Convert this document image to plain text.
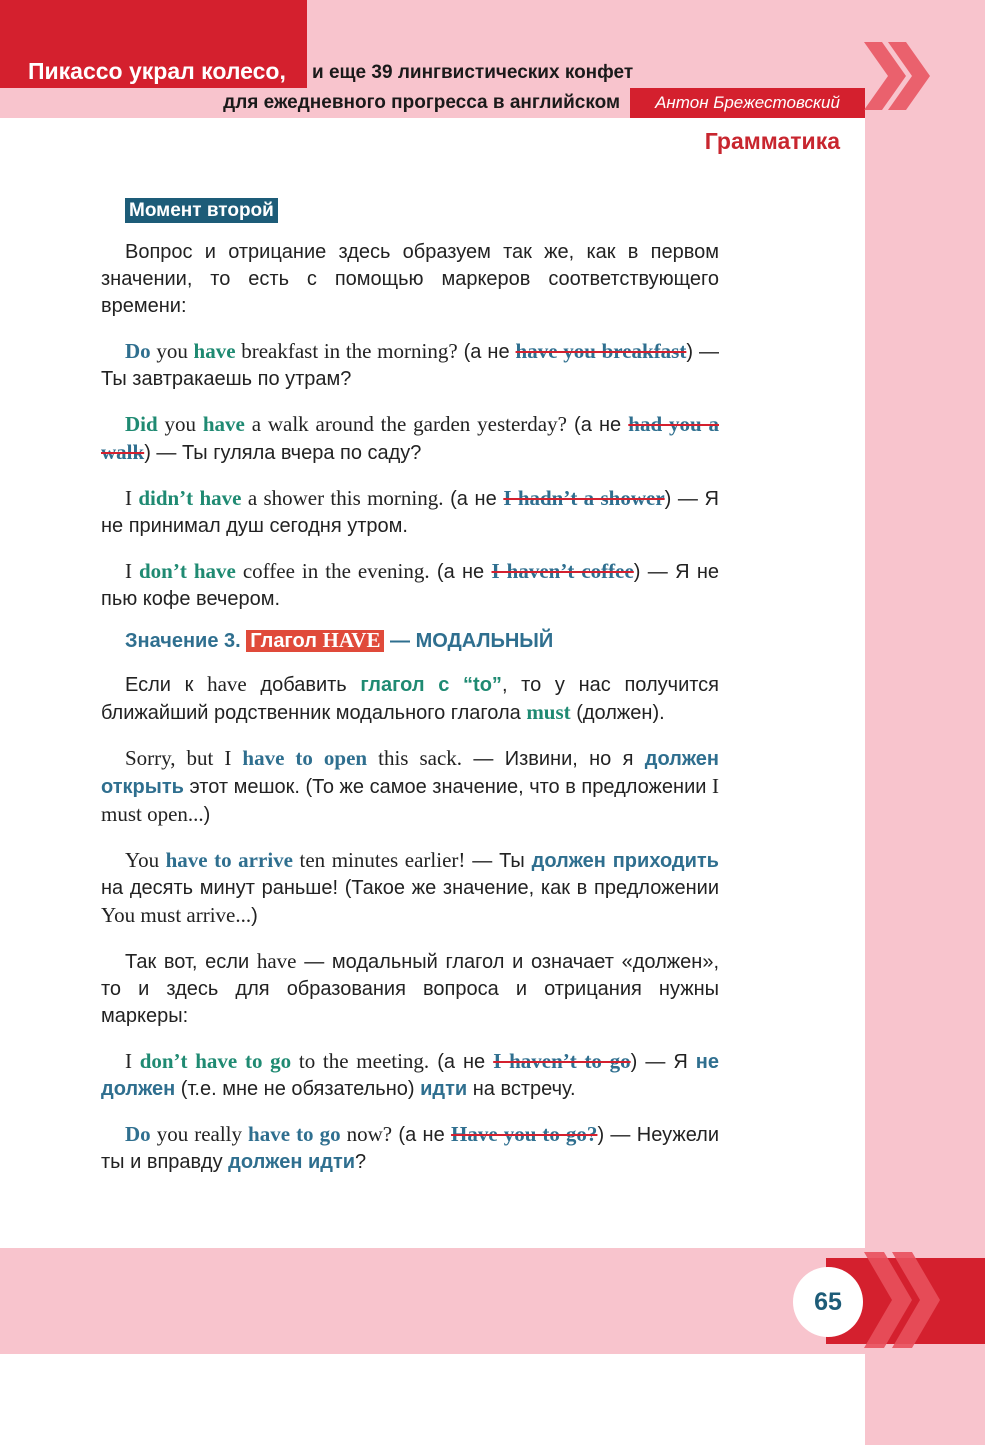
Пикассо украл колесо, и еще 39 лингвистических конфет
для ежедневного прогресса в английском	Антон Брежестовский
Грамматика
Момент второй

Вопрос и отрицание здесь образуем так же, как в первом значении, то есть с помощью маркеров соответствующего времени:

Do you have breakfast in the morning? (а не have you breakfast) — Ты завтракаешь по утрам?

Did you have a walk around the garden yesterday? (а не had you a walk) — Ты гуляла вчера по саду?

I didn’t have a shower this morning. (а не I hadn’t a shower) — Я не принимал душ сегодня утром.

I don’t have coffee in the evening. (а не I haven’t coffee) — Я не пью кофе вечером.

Значение 3. Глагол HAVE — МОДАЛЬНЫЙ

Если к have добавить глагол с “to”, то у нас получится ближайший родственник модального глагола must (должен).

Sorry, but I have to open this sack. — Извини, но я должен открыть этот мешок. (То же самое значение, что в предложении I must open...)

You have to arrive ten minutes earlier! — Ты должен приходить на десять минут раньше! (Такое же значение, как в предложении You must arrive...)

Так вот, если have — модальный глагол и означает «должен», то и здесь для образования вопроса и отрицания нужны маркеры:

I don’t have to go to the meeting. (а не I haven’t to go) — Я не должен (т.е. мне не обязательно) идти на встречу.

Do you really have to go now? (а не Have you to go?) — Неужели ты и вправду должен идти?

65
